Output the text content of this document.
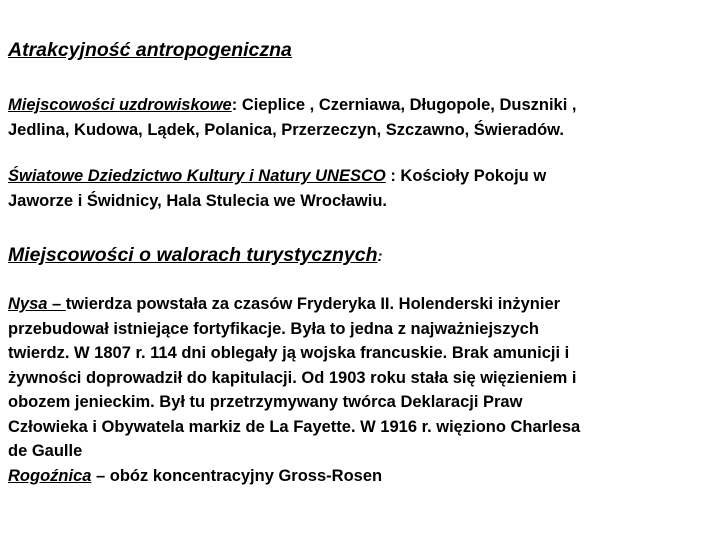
Atrakcyjność antropogeniczna
Miejscowości uzdrowiskowe: Cieplice , Czerniawa, Długopole, Duszniki ,
Jedlina, Kudowa, Lądek, Polanica, Przerzeczyn, Szczawno, Świeradów.
Światowe Dziedzictwo Kultury i Natury UNESCO : Kościoły Pokoju w
Jaworze i Świdnicy, Hala Stulecia we Wrocławiu.
Miejscowości o walorach turystycznych:
Nysa – twierdza powstała za czasów Fryderyka II. Holenderski inżynier
przebudował istniejące fortyfikacje. Była to jedna z najważniejszych
twierdz. W 1807 r. 114 dni oblegały ją wojska francuskie. Brak amunicji i
żywności doprowadził do kapitulacji. Od 1903 roku stała się więzieniem i
obozem jenieckim. Był tu przetrzymywany twórca Deklaracji Praw
Człowieka i Obywatela markiz de La Fayette. W 1916 r. więziono Charlesa
de Gaulle
Rogoźnica – obóz koncentracyjny Gross-Rosen
